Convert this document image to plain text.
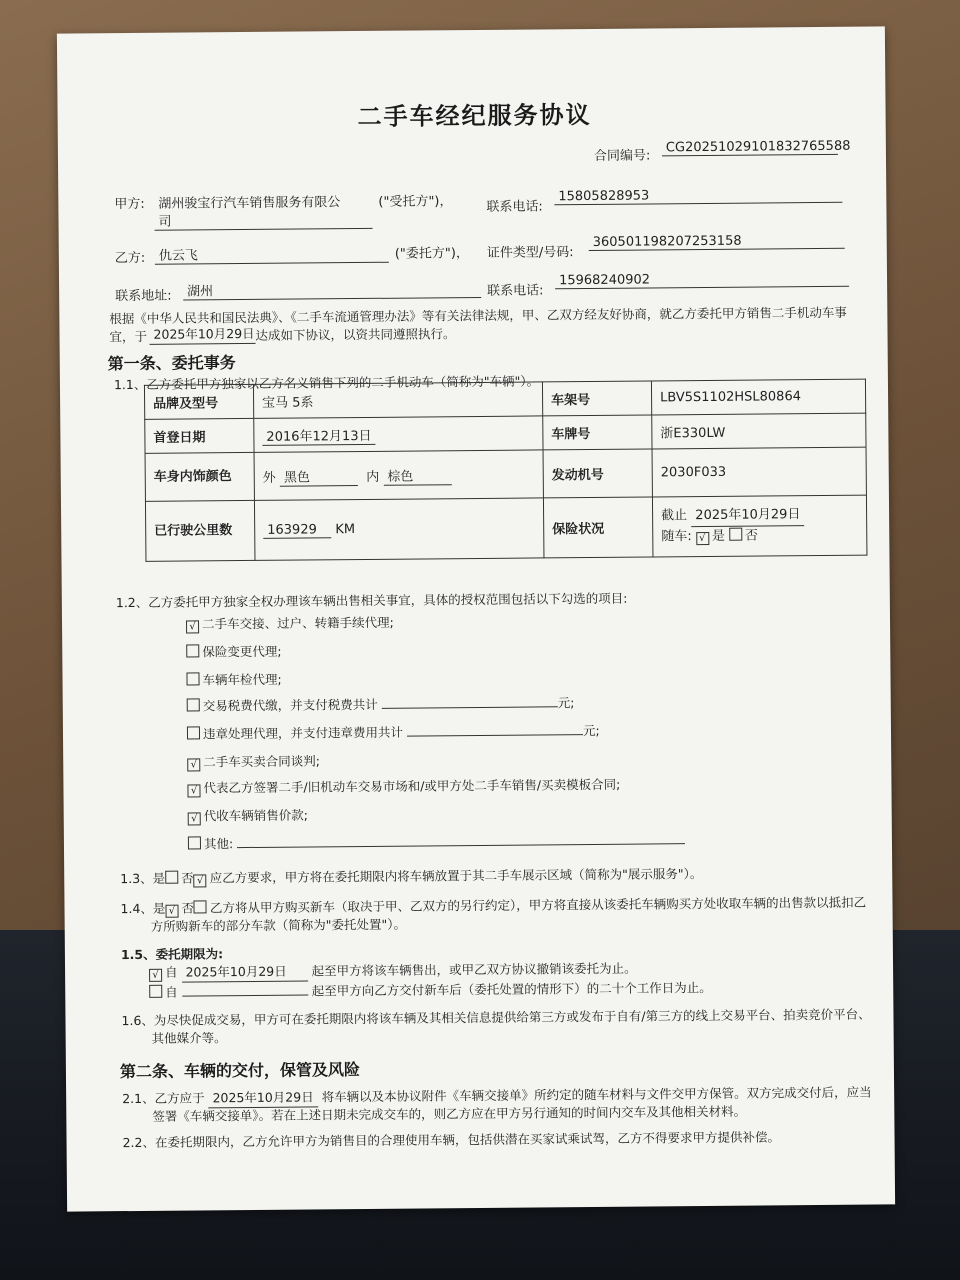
二手车经纪服务协议
合同编号:
CG20251029101832765588
甲方: 湖州骏宝行汽车销售服务有限公
司
("受托方")，	联系电话:
15805828953
乙方:	仇云飞	("委托方")， 证件类型/号码:
360501198207253158
联系地址:	湖州	联系电话:
15968240902
根据《中华人民共和国民法典》、《二手车流通管理办法》等有关法律法规，甲、乙双方经友好协商，就乙方委托甲方销售二手机动车事
宜，于 2025年10月29日 达成如下协议，以资共同遵照执行。
第一条、委托事务
1.1、乙方委托甲方独家以乙方名义销售下列的二手机动车（简称为"车辆"）。
品牌及型号	宝马 5系	车架号	LBV5S1102HSL80864
首登日期	2016年12月13日	车牌号	浙E330LW
车身内饰颜色	外 黑色 内 棕色	发动机号	2030F033
已行驶公里数	163929 KM	保险状况	截止 2025年10月29日
随车: √ 是 否
1.2、乙方委托甲方独家全权办理该车辆出售相关事宜，具体的授权范围包括以下勾选的项目:
√ 二手车交接、过户、转籍手续代理;
保险变更代理;
车辆年检代理;
交易税费代缴，并支付税费共计	元;
违章处理代理，并支付违章费用共计	元;
√ 二手车买卖合同谈判;
√ 代表乙方签署二手/旧机动车交易市场和/或甲方处二手车销售/买卖模板合同;
√ 代收车辆销售价款;
其他:
1.3、是 否 √ 应乙方要求，甲方将在委托期限内将车辆放置于其二手车展示区域（简称为"展示服务"）。
1.4、是 √ 否 乙方将从甲方购买新车（取决于甲、乙双方的另行约定），甲方将直接从该委托车辆购买方处收取车辆的出售款以抵扣乙
方所购新车的部分车款（简称为"委托处置"）。
1.5、委托期限为:
√ 自 2025年10月29日 起至甲方将该车辆售出，或甲乙双方协议撤销该委托为止。
自	起至甲方向乙方交付新车后（委托处置的情形下）的二十个工作日为止。
1.6、为尽快促成交易，甲方可在委托期限内将该车辆及其相关信息提供给第三方或发布于自有/第三方的线上交易平台、拍卖竞价平台、
其他媒介等。
第二条、车辆的交付，保管及风险
2.1、乙方应于 2025年10月29日 将车辆以及本协议附件《车辆交接单》所约定的随车材料与文件交甲方保管。双方完成交付后，应当
签署《车辆交接单》。若在上述日期未完成交车的，则乙方应在甲方另行通知的时间内交车及其他相关材料。
2.2、在委托期限内，乙方允许甲方为销售目的合理使用车辆，包括供潜在买家试乘试驾，乙方不得要求甲方提供补偿。
